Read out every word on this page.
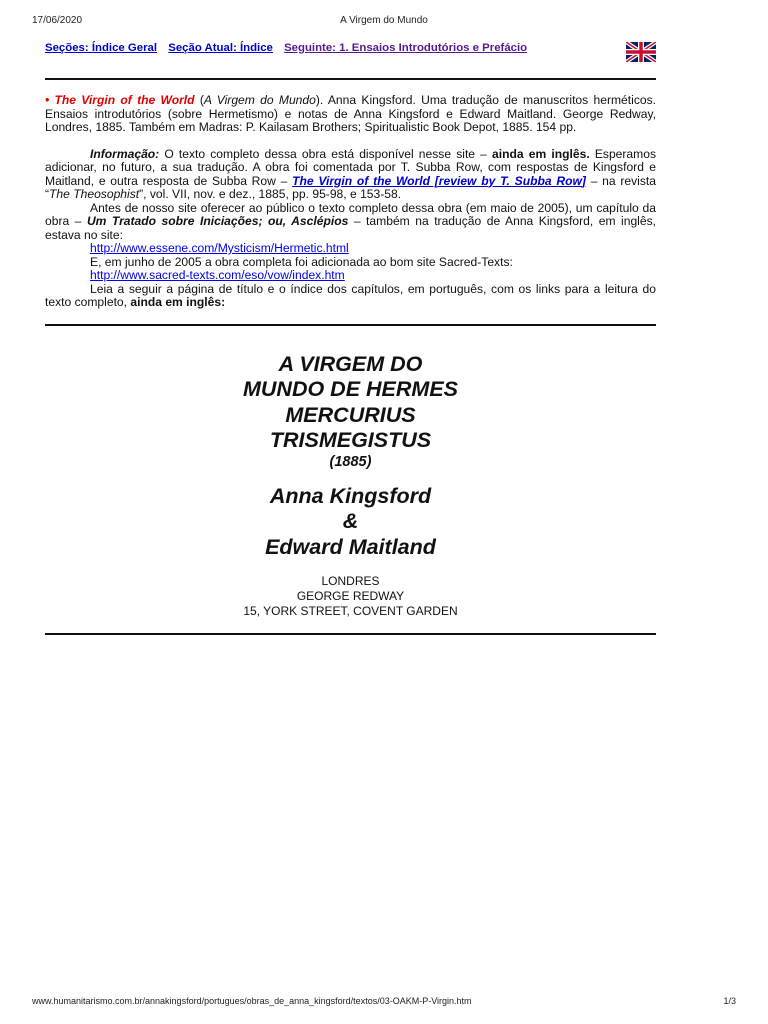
17/06/2020	A Virgem do Mundo
Seções: Índice Geral Seção Atual: Índice Seguinte: 1. Ensaios Introdutórios e Prefácio

• The Virgin of the World (A Virgem do Mundo). Anna Kingsford. Uma tradução de manuscritos herméticos. Ensaios introdutórios (sobre Hermetismo) e notas de Anna Kingsford e Edward Maitland. George Redway, Londres, 1885. Também em Madras: P. Kailasam Brothers; Spiritualistic Book Depot, 1885. 154 pp.

Informação: O texto completo dessa obra está disponível nesse site – ainda em inglês. Esperamos adicionar, no futuro, a sua tradução. A obra foi comentada por T. Subba Row, com respostas de Kingsford e Maitland, e outra resposta de Subba Row – The Virgin of the World [review by T. Subba Row] – na revista “The Theosophist”, vol. VII, nov. e dez., 1885, pp. 95-98, e 153-58.

Antes de nosso site oferecer ao público o texto completo dessa obra (em maio de 2005), um capítulo da obra – Um Tratado sobre Iniciações; ou, Asclépios – também na tradução de Anna Kingsford, em inglês, estava no site:

http://www.essene.com/Mysticism/Hermetic.html

E, em junho de 2005 a obra completa foi adicionada ao bom site Sacred-Texts:

http://www.sacred-texts.com/eso/vow/index.htm

Leia a seguir a página de título e o índice dos capítulos, em português, com os links para a leitura do texto completo, ainda em inglês:

A VIRGEM DO
MUNDO DE HERMES
MERCURIUS
TRISMEGISTUS
(1885)
Anna Kingsford
&
Edward Maitland
LONDRES
GEORGE REDWAY
15, YORK STREET, COVENT GARDEN
www.humanitarismo.com.br/annakingsford/portugues/obras_de_anna_kingsford/textos/03-OAKM-P-Virgin.htm	1/3
